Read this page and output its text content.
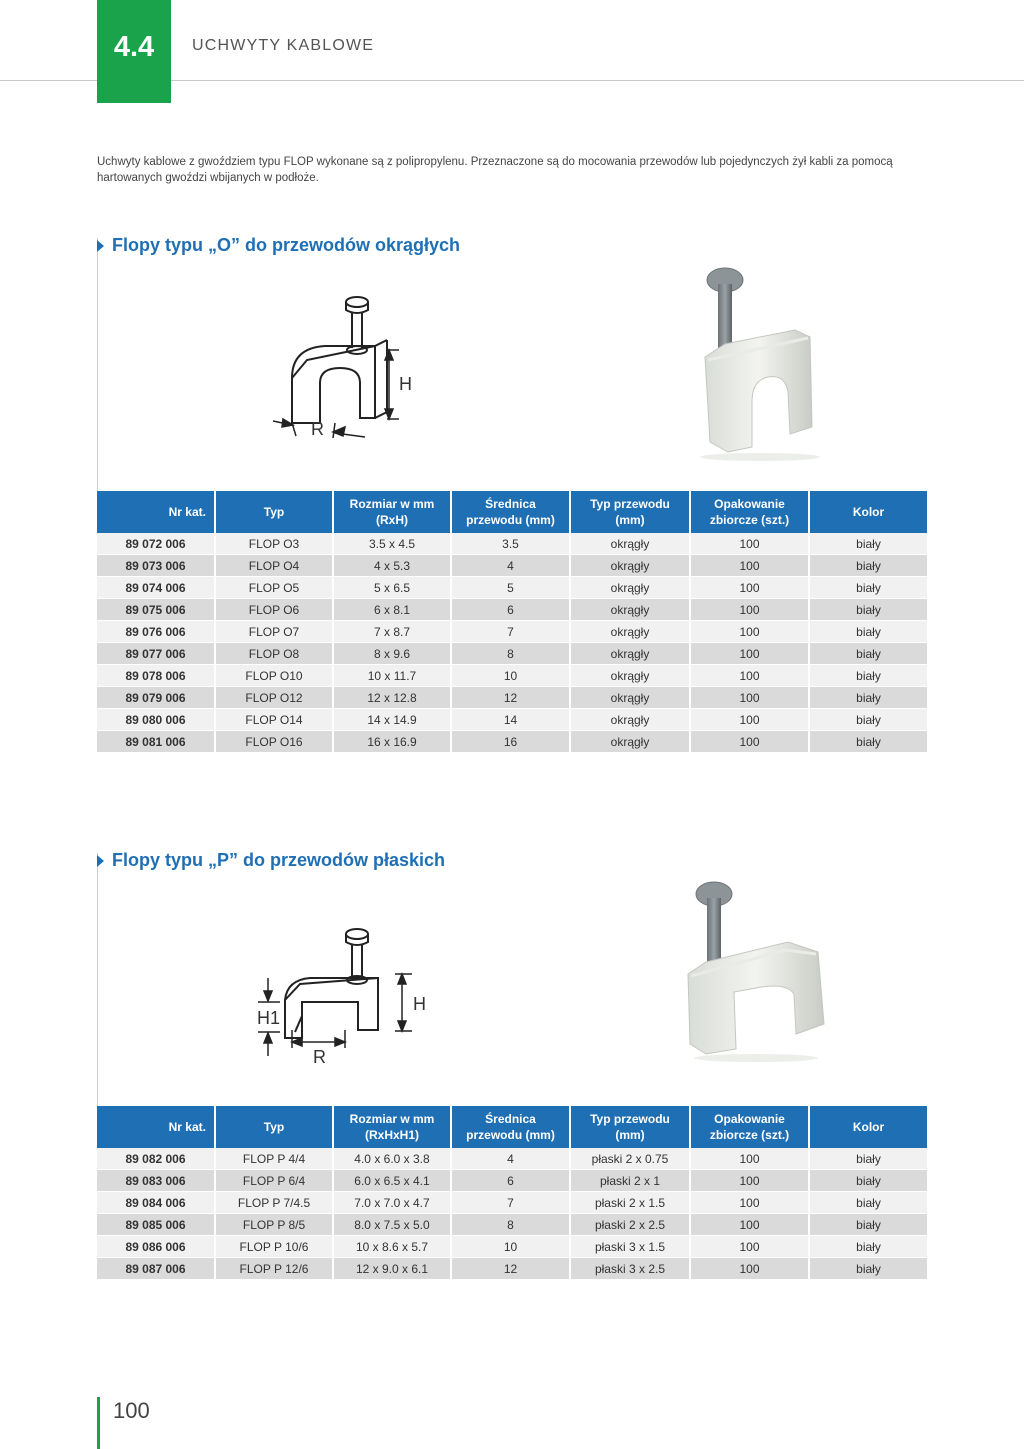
4.4 UCHWYTY KABLOWE
Uchwyty kablowe z gwoździem typu FLOP wykonane są z polipropylenu. Przeznaczone są do mocowania przewodów lub pojedynczych żył kabli za pomocą hartowanych gwoździ wbijanych w podłoże.
Flopy typu „O” do przewodów okrągłych
H
R
Nr kat.	Typ	Rozmiar w mm (RxH)	Średnica przewodu (mm)	Typ przewodu (mm)	Opakowanie zbiorcze (szt.)	Kolor
89 072 006	FLOP O3	3.5 x 4.5	3.5	okrągły	100	biały
89 073 006	FLOP O4	4 x 5.3	4	okrągły	100	biały
89 074 006	FLOP O5	5 x 6.5	5	okrągły	100	biały
89 075 006	FLOP O6	6 x 8.1	6	okrągły	100	biały
89 076 006	FLOP O7	7 x 8.7	7	okrągły	100	biały
89 077 006	FLOP O8	8 x 9.6	8	okrągły	100	biały
89 078 006	FLOP O10	10 x 11.7	10	okrągły	100	biały
89 079 006	FLOP O12	12 x 12.8	12	okrągły	100	biały
89 080 006	FLOP O14	14 x 14.9	14	okrągły	100	biały
89 081 006	FLOP O16	16 x 16.9	16	okrągły	100	biały
Flopy typu „P” do przewodów płaskich
H
H1
R
Nr kat.	Typ	Rozmiar w mm (RxHxH1)	Średnica przewodu (mm)	Typ przewodu (mm)	Opakowanie zbiorcze (szt.)	Kolor
89 082 006	FLOP P 4/4	4.0 x 6.0 x 3.8	4	płaski 2 x 0.75	100	biały
89 083 006	FLOP P 6/4	6.0 x 6.5 x 4.1	6	płaski 2 x 1	100	biały
89 084 006	FLOP P 7/4.5	7.0 x 7.0 x 4.7	7	płaski 2 x 1.5	100	biały
89 085 006	FLOP P 8/5	8.0 x 7.5 x 5.0	8	płaski 2 x 2.5	100	biały
89 086 006	FLOP P 10/6	10 x 8.6 x 5.7	10	płaski 3 x 1.5	100	biały
89 087 006	FLOP P 12/6	12 x 9.0 x 6.1	12	płaski 3 x 2.5	100	biały
100
